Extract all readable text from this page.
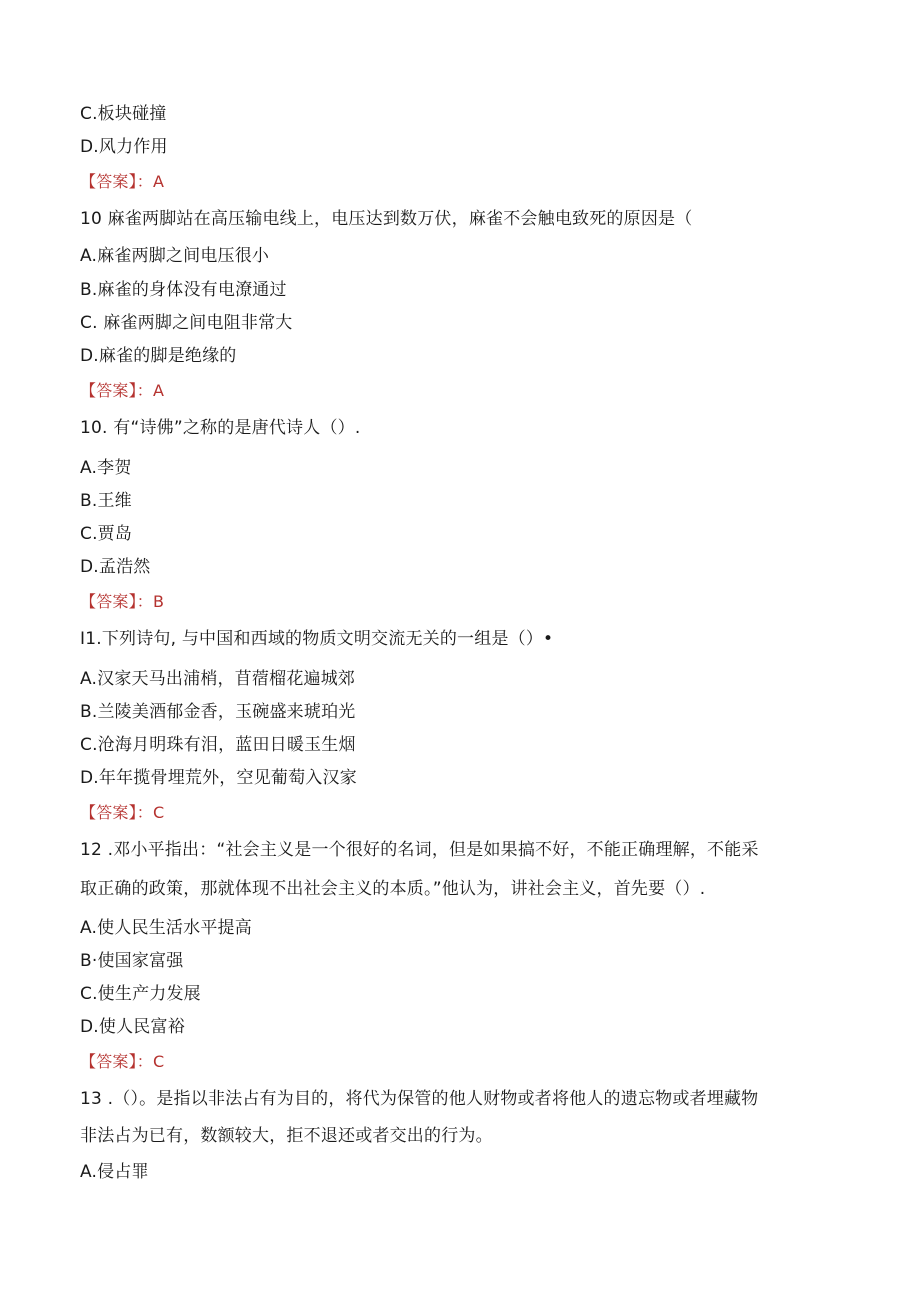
C.板块碰撞
D.风力作用
【答案】：A
10 麻雀两脚站在高压输电线上，电压达到数万伏，麻雀不会触电致死的原因是（
A.麻雀两脚之间电压很小
B.麻雀的身体没有电潦通过
C. 麻雀两脚之间电阻非常大
D.麻雀的脚是绝缘的
【答案】：A
10. 有“诗佛”之称的是唐代诗人（）.
A.李贺
B.王维
C.贾岛
D.孟浩然
【答案】：B
I1.下列诗句, 与中国和西域的物质文明交流无关的一组是（）•
A.汉家天马出浦梢，苜蓿榴花遍城郊
B.兰陵美酒郁金香，玉碗盛来琥珀光
C.沧海月明珠有泪，蓝田日暖玉生烟
D.年年揽骨埋荒外，空见葡萄入汉家
【答案】：C
12 .邓小平指出：“社会主义是一个很好的名词，但是如果搞不好，不能正确理解，不能采
取正确的政策，那就体现不出社会主义的本质。”他认为，讲社会主义，首先要（）.
A.使人民生活水平提高
B·使国家富强
C.使生产力发展
D.使人民富裕
【答案】：C
13 .（）。是指以非法占有为目的，将代为保管的他人财物或者将他人的遗忘物或者埋藏物
非法占为已有，数额较大，拒不退还或者交出的行为。
A.侵占罪
